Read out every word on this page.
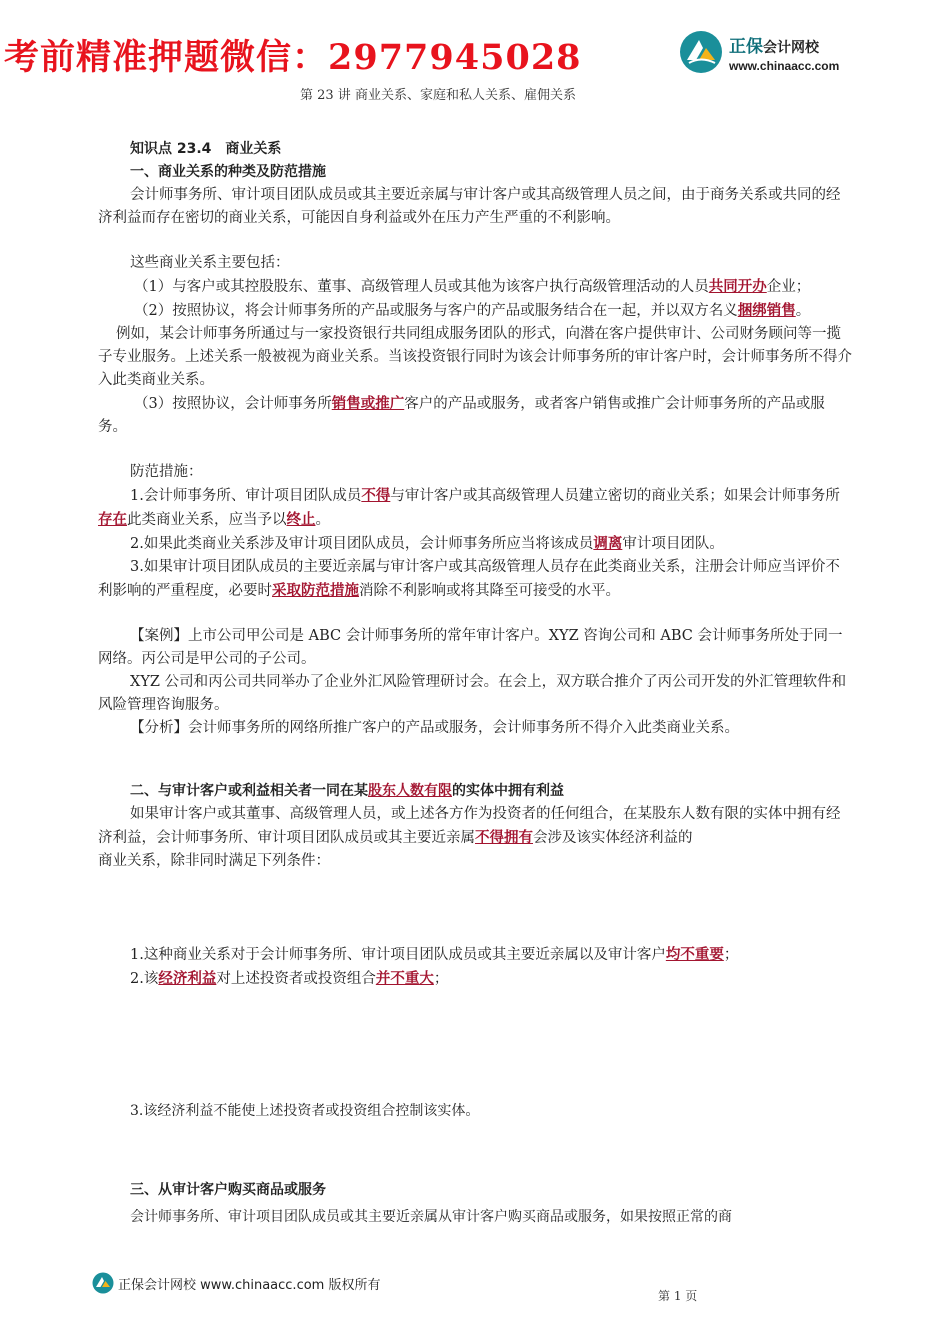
考前精准押题微信：2977945028	正保会计网校
www.chinaacc.com
第 23 讲 商业关系、家庭和私人关系、雇佣关系

知识点 23.4　商业关系

一、商业关系的种类及防范措施

会计师事务所、审计项目团队成员或其主要近亲属与审计客户或其高级管理人员之间，由于商务关系或共同的经济利益而存在密切的商业关系，可能因自身利益或外在压力产生严重的不利影响。

这些商业关系主要包括：

（1）与客户或其控股股东、董事、高级管理人员或其他为该客户执行高级管理活动的人员共同开办企业；

（2）按照协议，将会计师事务所的产品或服务与客户的产品或服务结合在一起，并以双方名义捆绑销售。

例如，某会计师事务所通过与一家投资银行共同组成服务团队的形式，向潜在客户提供审计、公司财务顾问等一揽子专业服务。上述关系一般被视为商业关系。当该投资银行同时为该会计师事务所的审计客户时，会计师事务所不得介入此类商业关系。

（3）按照协议，会计师事务所销售或推广客户的产品或服务，或者客户销售或推广会计师事务所的产品或服务。

防范措施：

1.会计师事务所、审计项目团队成员不得与审计客户或其高级管理人员建立密切的商业关系；如果会计师事务所存在此类商业关系，应当予以终止。

2.如果此类商业关系涉及审计项目团队成员，会计师事务所应当将该成员调离审计项目团队。

3.如果审计项目团队成员的主要近亲属与审计客户或其高级管理人员存在此类商业关系，注册会计师应当评价不利影响的严重程度，必要时采取防范措施消除不利影响或将其降至可接受的水平。

【案例】上市公司甲公司是 ABC 会计师事务所的常年审计客户。XYZ 咨询公司和 ABC 会计师事务所处于同一网络。丙公司是甲公司的子公司。

XYZ 公司和丙公司共同举办了企业外汇风险管理研讨会。在会上，双方联合推介了丙公司开发的外汇管理软件和风险管理咨询服务。

【分析】会计师事务所的网络所推广客户的产品或服务，会计师事务所不得介入此类商业关系。

二、与审计客户或利益相关者一同在某股东人数有限的实体中拥有利益

如果审计客户或其董事、高级管理人员，或上述各方作为投资者的任何组合，在某股东人数有限的实体中拥有经济利益，会计师事务所、审计项目团队成员或其主要近亲属不得拥有会涉及该实体经济利益的

商业关系，除非同时满足下列条件：

1.这种商业关系对于会计师事务所、审计项目团队成员或其主要近亲属以及审计客户均不重要；

2.该经济利益对上述投资者或投资组合并不重大；

3.该经济利益不能使上述投资者或投资组合控制该实体。
三、从审计客户购买商品或服务
会计师事务所、审计项目团队成员或其主要近亲属从审计客户购买商品或服务，如果按照正常的商
正保会计网校 www.chinaacc.com 版权所有
第 1 页
